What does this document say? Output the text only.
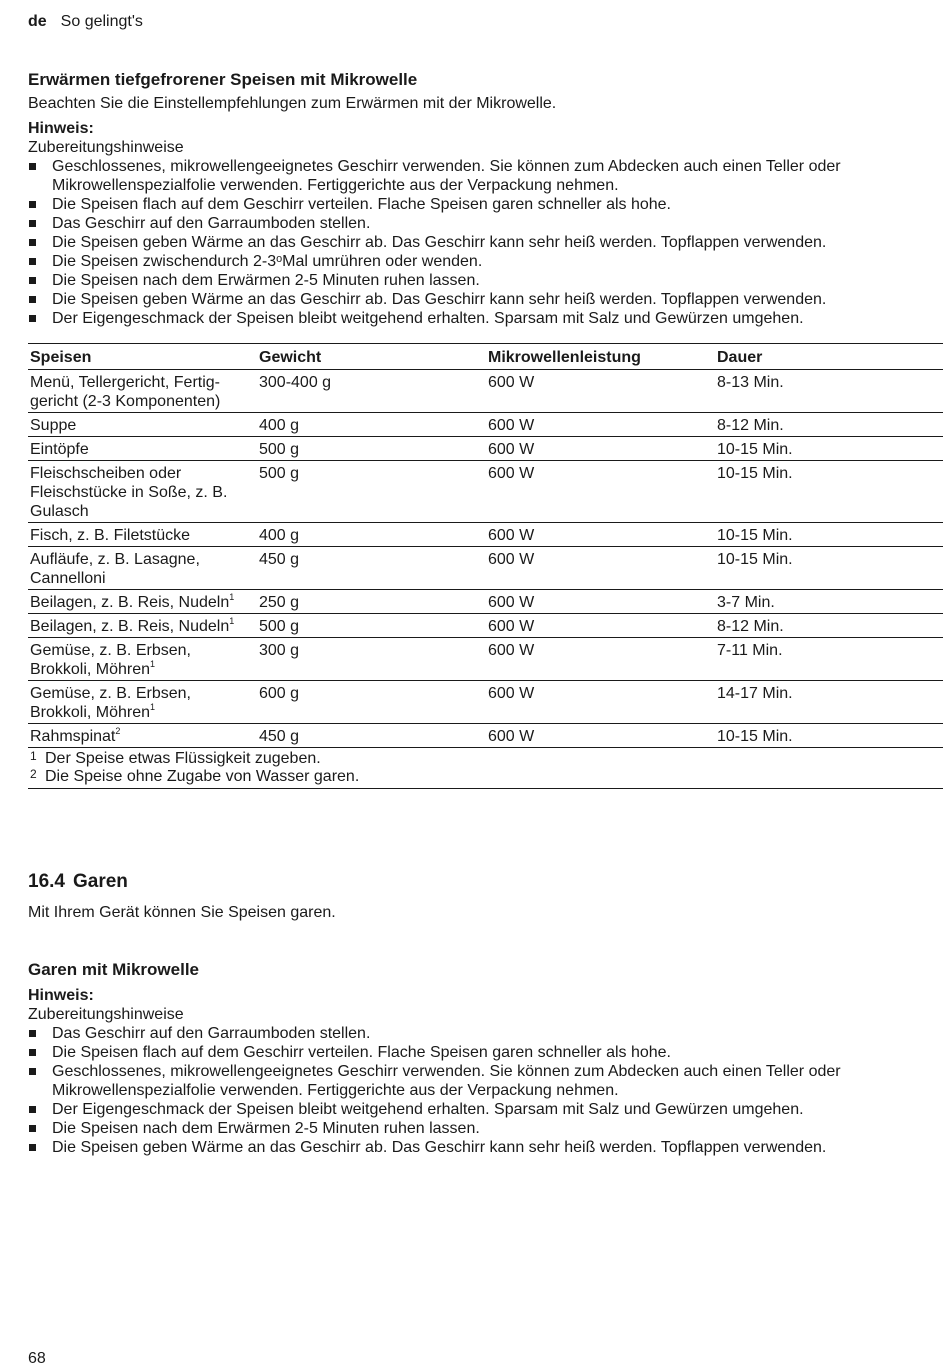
de So gelingt's
Erwärmen tiefgefrorener Speisen mit Mikrowelle
Beachten Sie die Einstellempfehlungen zum Erwärmen mit der Mikrowelle.
Hinweis:
Zubereitungshinweise
Geschlossenes, mikrowellengeeignetes Geschirr verwenden. Sie können zum Abdecken auch einen Teller oder Mikrowellenspezialfolie verwenden. Fertiggerichte aus der Verpackung nehmen.
Die Speisen flach auf dem Geschirr verteilen. Flache Speisen garen schneller als hohe.
Das Geschirr auf den Garraumboden stellen.
Die Speisen geben Wärme an das Geschirr ab. Das Geschirr kann sehr heiß werden. Topflappen verwenden.
Die Speisen zwischendurch 2-3ᵒMal umrühren oder wenden.
Die Speisen nach dem Erwärmen 2-5 Minuten ruhen lassen.
Die Speisen geben Wärme an das Geschirr ab. Das Geschirr kann sehr heiß werden. Topflappen verwenden.
Der Eigengeschmack der Speisen bleibt weitgehend erhalten. Sparsam mit Salz und Gewürzen umgehen.
Speisen	Gewicht	Mikrowellenleistung	Dauer
Menü, Tellergericht, Fertig-gericht (2-3 Komponenten)	300-400 g	600 W	8-13 Min.
Suppe	400 g	600 W	8-12 Min.
Eintöpfe	500 g	600 W	10-15 Min.
Fleischscheiben oder Fleischstücke in Soße, z. B. Gulasch	500 g	600 W	10-15 Min.
Fisch, z. B. Filetstücke	400 g	600 W	10-15 Min.
Aufläufe, z. B. Lasagne, Cannelloni	450 g	600 W	10-15 Min.
Beilagen, z. B. Reis, Nudeln$^1$	250 g	600 W	3-7 Min.
Beilagen, z. B. Reis, Nudeln$^1$	500 g	600 W	8-12 Min.
Gemüse, z. B. Erbsen, Brokkoli, Möhren$^1$	300 g	600 W	7-11 Min.
Gemüse, z. B. Erbsen, Brokkoli, Möhren$^1$	600 g	600 W	14-17 Min.
Rahmspinat$^2$	450 g	600 W	10-15 Min.
1 Der Speise etwas Flüssigkeit zugeben.
2 Die Speise ohne Zugabe von Wasser garen.
16.4 Garen
Mit Ihrem Gerät können Sie Speisen garen.
Garen mit Mikrowelle
Hinweis:
Zubereitungshinweise
Das Geschirr auf den Garraumboden stellen.
Die Speisen flach auf dem Geschirr verteilen. Flache Speisen garen schneller als hohe.
Geschlossenes, mikrowellengeeignetes Geschirr verwenden. Sie können zum Abdecken auch einen Teller oder Mikrowellenspezialfolie verwenden. Fertiggerichte aus der Verpackung nehmen.
Der Eigengeschmack der Speisen bleibt weitgehend erhalten. Sparsam mit Salz und Gewürzen umgehen.
Die Speisen nach dem Erwärmen 2-5 Minuten ruhen lassen.
Die Speisen geben Wärme an das Geschirr ab. Das Geschirr kann sehr heiß werden. Topflappen verwenden.
68
